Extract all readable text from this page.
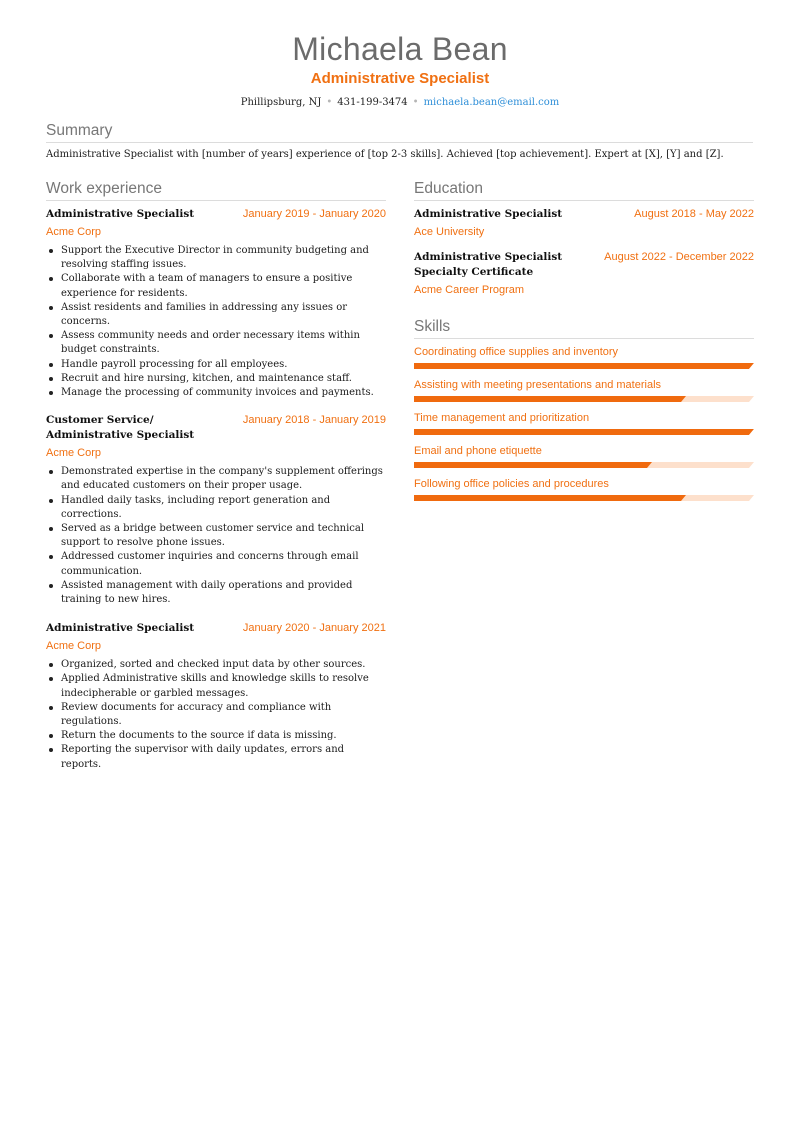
Michaela Bean
Administrative Specialist
Phillipsburg, NJ • 431-199-3474 • michaela.bean@email.com
Summary
Administrative Specialist with [number of years] experience of [top 2-3 skills]. Achieved [top achievement]. Expert at [X], [Y] and [Z].
Work experience
Administrative Specialist	January 2019 - January 2020
Acme Corp
Support the Executive Director in community budgeting and resolving staffing issues.
Collaborate with a team of managers to ensure a positive experience for residents.
Assist residents and families in addressing any issues or concerns.
Assess community needs and order necessary items within budget constraints.
Handle payroll processing for all employees.
Recruit and hire nursing, kitchen, and maintenance staff.
Manage the processing of community invoices and payments.
Customer Service/ Administrative Specialist
January 2018 - January 2019
Acme Corp
Demonstrated expertise in the company's supplement offerings and educated customers on their proper usage.
Handled daily tasks, including report generation and corrections.
Served as a bridge between customer service and technical support to resolve phone issues.
Addressed customer inquiries and concerns through email communication.
Assisted management with daily operations and provided training to new hires.
Administrative Specialist	January 2020 - January 2021
Acme Corp
Organized, sorted and checked input data by other sources.
Applied Administrative skills and knowledge skills to resolve indecipherable or garbled messages.
Review documents for accuracy and compliance with regulations.
Return the documents to the source if data is missing.
Reporting the supervisor with daily updates, errors and reports.
Education
Administrative Specialist	August 2018 - May 2022
Ace University
Administrative Specialist Specialty Certificate
August 2022 - December 2022
Acme Career Program
Skills
Coordinating office supplies and inventory
Assisting with meeting presentations and materials
Time management and prioritization
Email and phone etiquette
Following office policies and procedures
